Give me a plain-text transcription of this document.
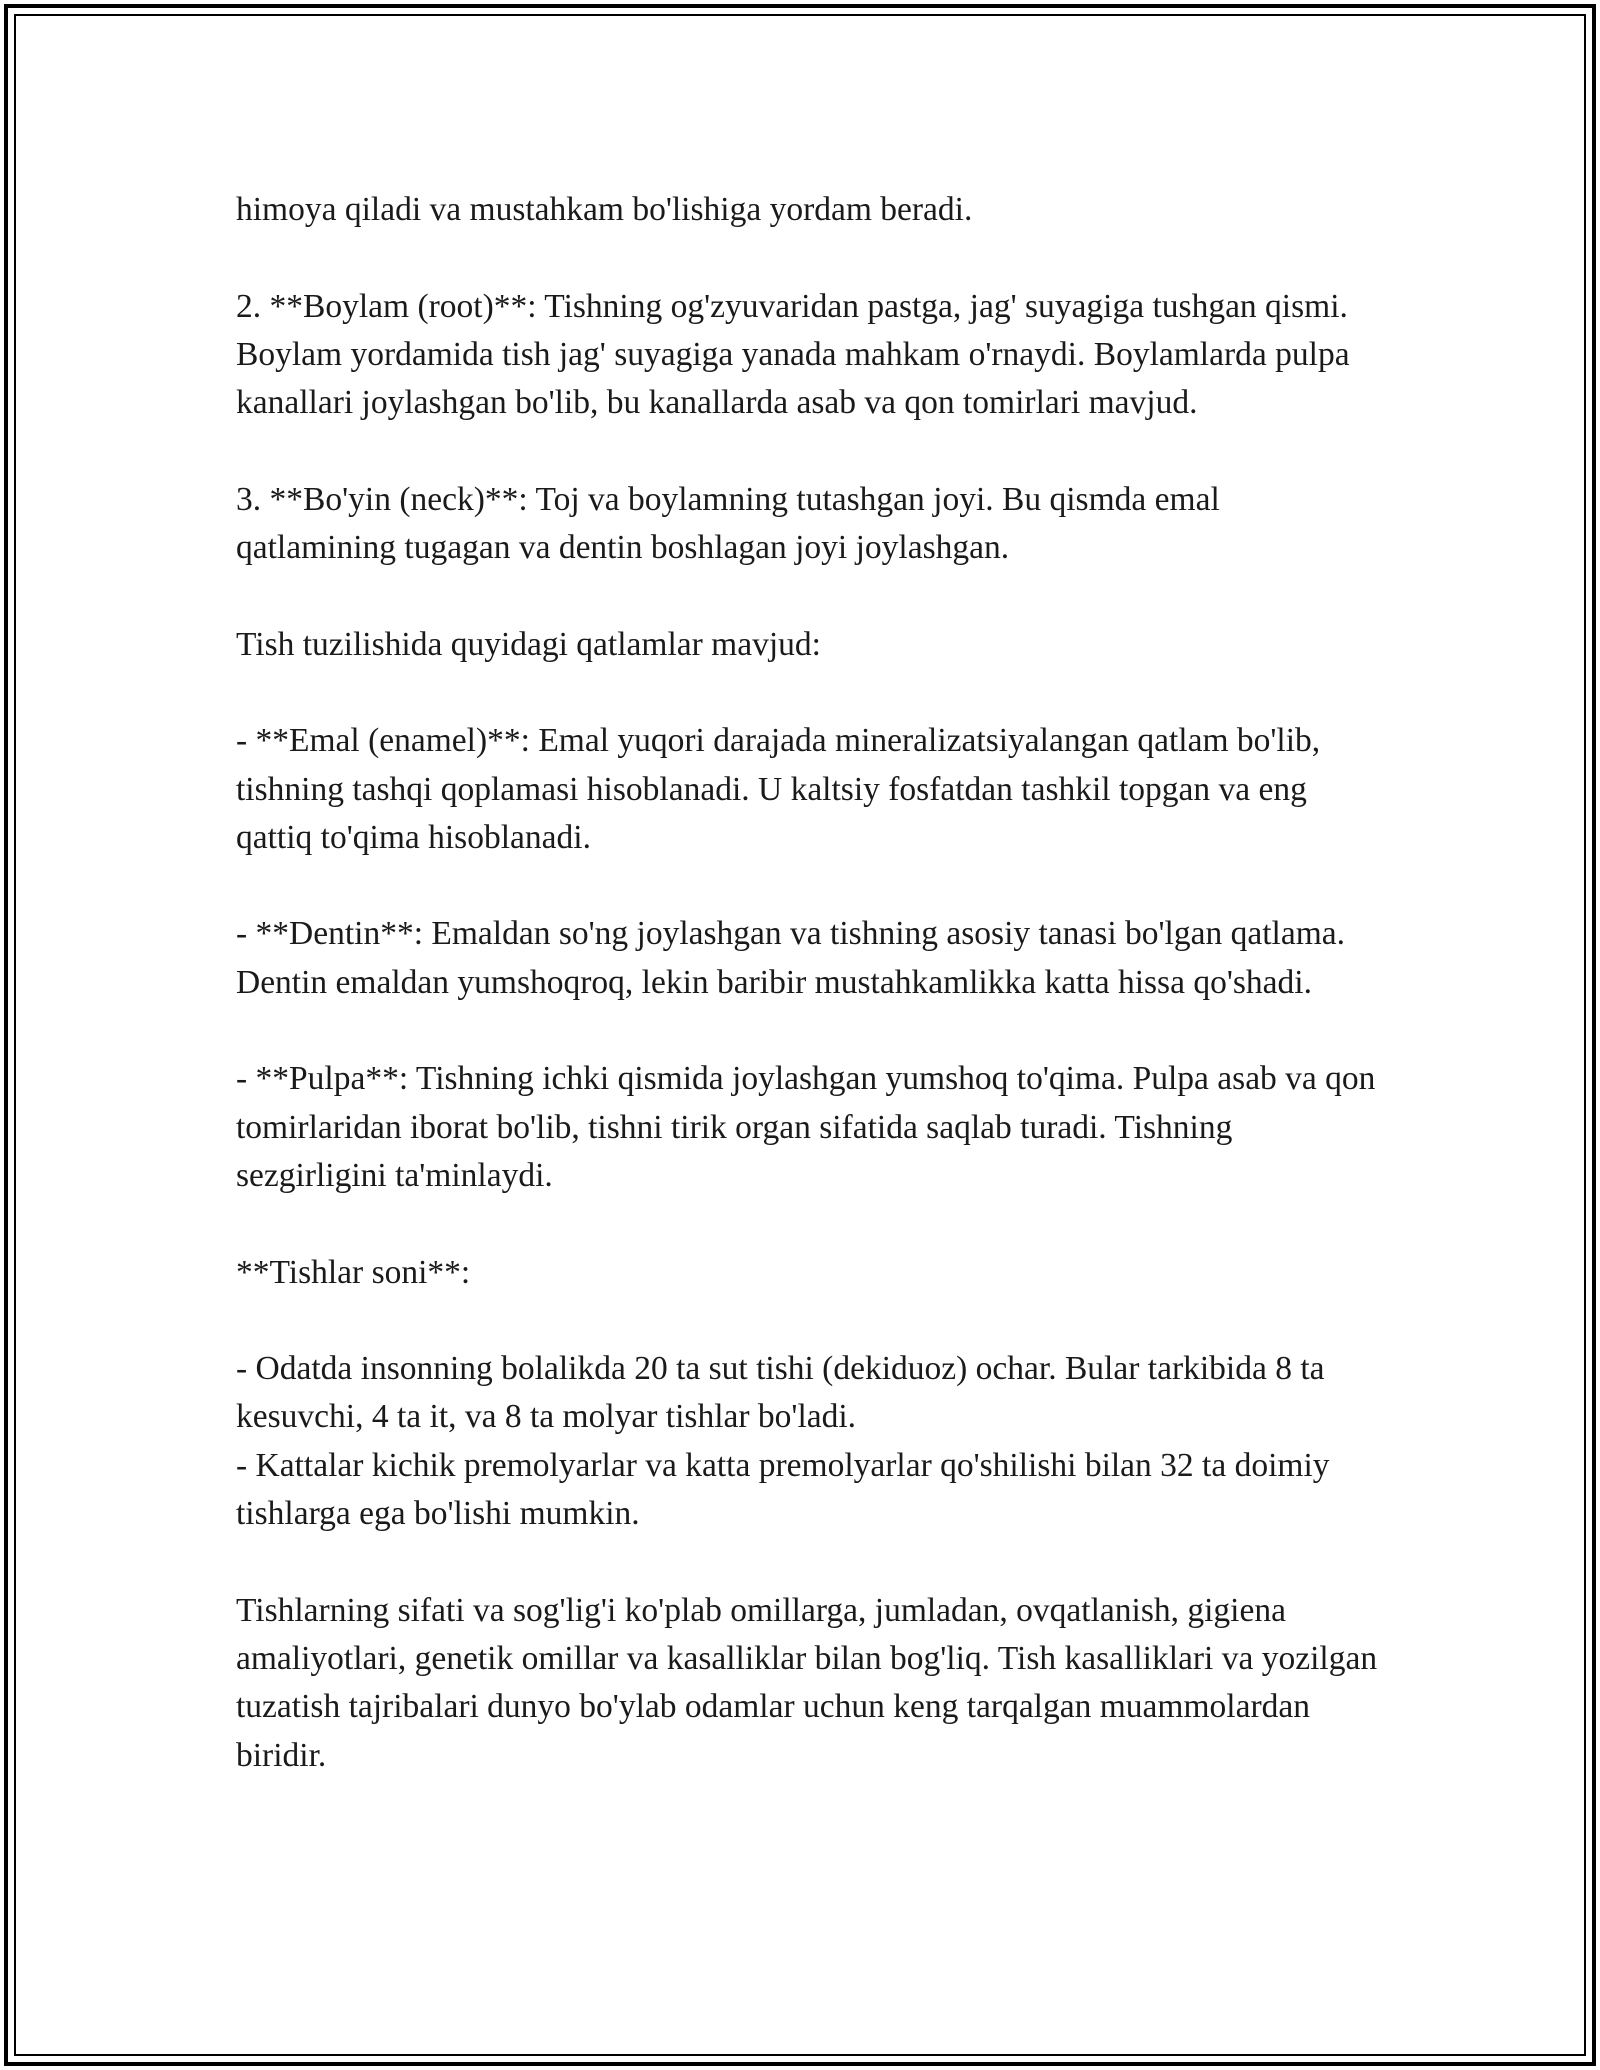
himoya qiladi va mustahkam bo'lishiga yordam beradi.

2. **Boylam (root)**: Tishning og'zyuvaridan pastga, jag' suyagiga tushgan qismi. Boylam yordamida tish jag' suyagiga yanada mahkam o'rnaydi. Boylamlarda pulpa kanallari joylashgan bo'lib, bu kanallarda asab va qon tomirlari mavjud.

3. **Bo'yin (neck)**: Toj va boylamning tutashgan joyi. Bu qismda emal qatlamining tugagan va dentin boshlagan joyi joylashgan.

Tish tuzilishida quyidagi qatlamlar mavjud:

- **Emal (enamel)**: Emal yuqori darajada mineralizatsiyalangan qatlam bo'lib, tishning tashqi qoplamasi hisoblanadi. U kaltsiy fosfatdan tashkil topgan va eng qattiq to'qima hisoblanadi.

- **Dentin**: Emaldan so'ng joylashgan va tishning asosiy tanasi bo'lgan qatlama. Dentin emaldan yumshoqroq, lekin baribir mustahkamlikka katta hissa qo'shadi.

- **Pulpa**: Tishning ichki qismida joylashgan yumshoq to'qima. Pulpa asab va qon tomirlaridan iborat bo'lib, tishni tirik organ sifatida saqlab turadi. Tishning sezgirligini ta'minlaydi.

**Tishlar soni**:

- Odatda insonning bolalikda 20 ta sut tishi (dekiduoz) ochar. Bular tarkibida 8 ta kesuvchi, 4 ta it, va 8 ta molyar tishlar bo'ladi.

- Kattalar kichik premolyarlar va katta premolyarlar qo'shilishi bilan 32 ta doimiy tishlarga ega bo'lishi mumkin.

Tishlarning sifati va sog'lig'i ko'plab omillarga, jumladan, ovqatlanish, gigiena amaliyotlari, genetik omillar va kasalliklar bilan bog'liq. Tish kasalliklari va yozilgan tuzatish tajribalari dunyo bo'ylab odamlar uchun keng tarqalgan muammolardan biridir.
